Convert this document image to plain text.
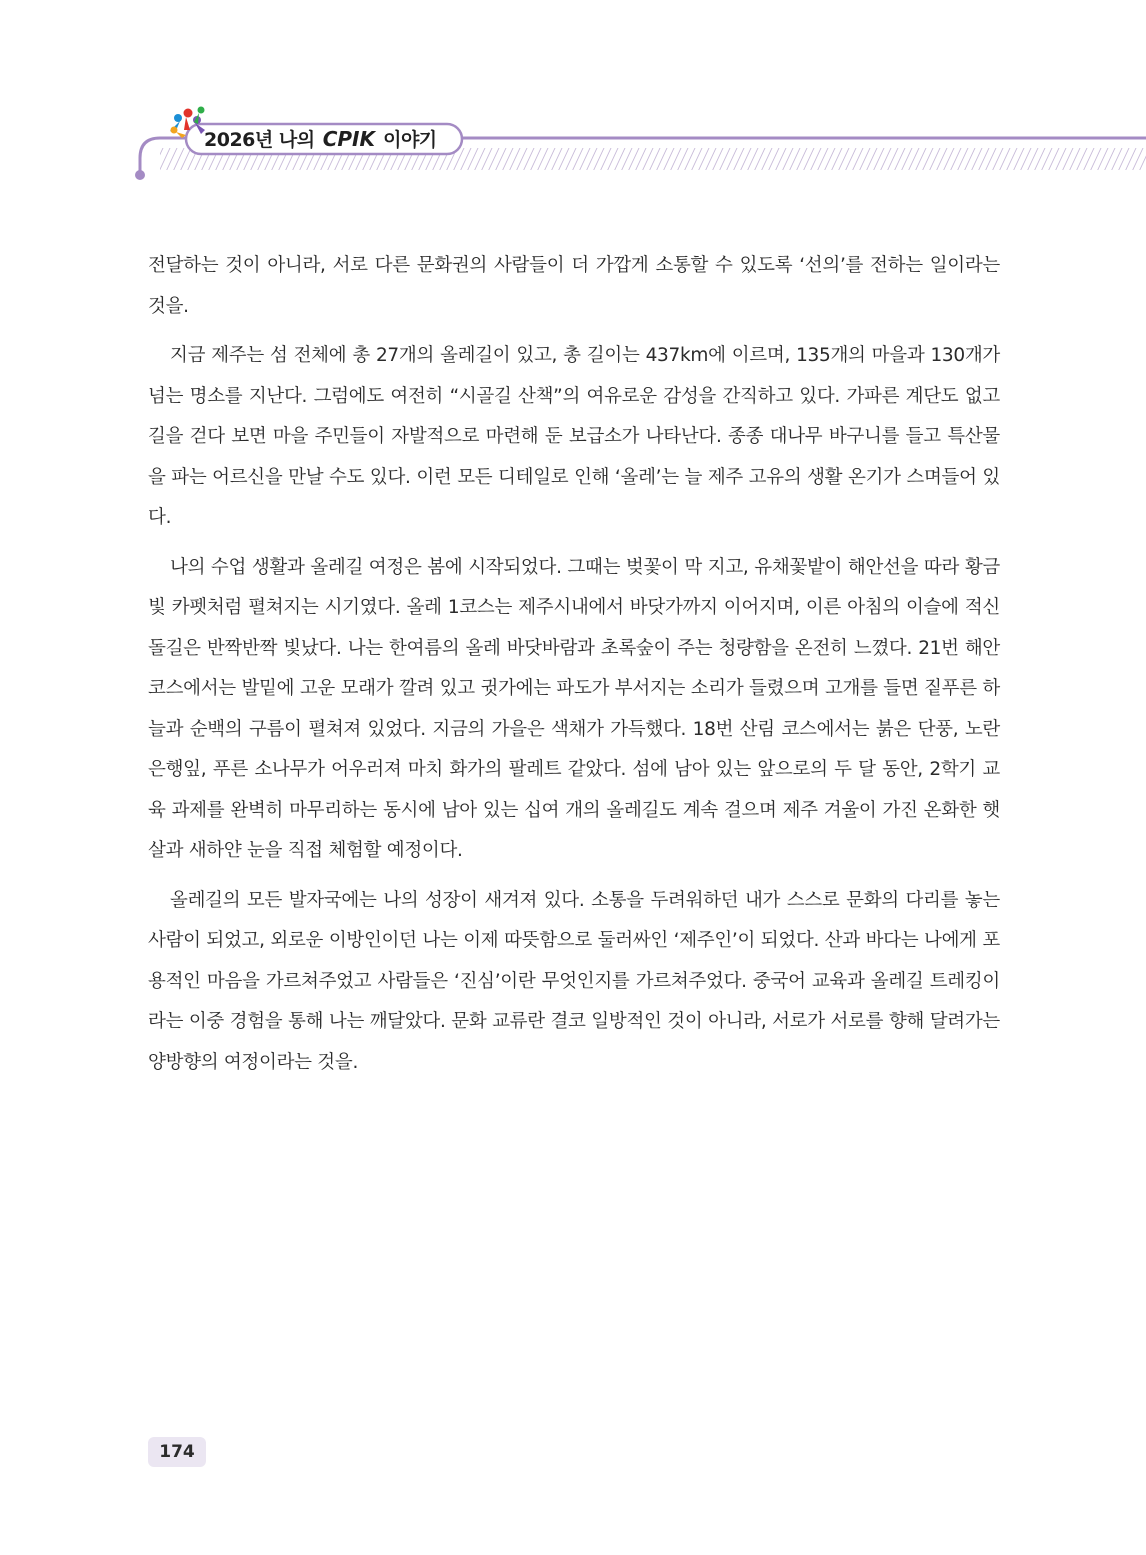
2026년 나의 CPIK 이야기

전달하는 것이 아니라, 서로 다른 문화권의 사람들이 더 가깝게 소통할 수 있도록 ‘선의’를 전하는 일이라는 것을.

지금 제주는 섬 전체에 총 27개의 올레길이 있고, 총 길이는 437km에 이르며, 135개의 마을과 130개가 넘는 명소를 지난다. 그럼에도 여전히 “시골길 산책”의 여유로운 감성을 간직하고 있다. 가파른 계단도 없고 길을 걷다 보면 마을 주민들이 자발적으로 마련해 둔 보급소가 나타난다. 종종 대나무 바구니를 들고 특산물을 파는 어르신을 만날 수도 있다. 이런 모든 디테일로 인해 ‘올레’는 늘 제주 고유의 생활 온기가 스며들어 있다.

나의 수업 생활과 올레길 여정은 봄에 시작되었다. 그때는 벚꽃이 막 지고, 유채꽃밭이 해안선을 따라 황금빛 카펫처럼 펼쳐지는 시기였다. 올레 1코스는 제주시내에서 바닷가까지 이어지며, 이른 아침의 이슬에 적신 돌길은 반짝반짝 빛났다. 나는 한여름의 올레 바닷바람과 초록숲이 주는 청량함을 온전히 느꼈다. 21번 해안 코스에서는 발밑에 고운 모래가 깔려 있고 귓가에는 파도가 부서지는 소리가 들렸으며 고개를 들면 짙푸른 하늘과 순백의 구름이 펼쳐져 있었다. 지금의 가을은 색채가 가득했다. 18번 산림 코스에서는 붉은 단풍, 노란 은행잎, 푸른 소나무가 어우러져 마치 화가의 팔레트 같았다. 섬에 남아 있는 앞으로의 두 달 동안, 2학기 교육 과제를 완벽히 마무리하는 동시에 남아 있는 십여 개의 올레길도 계속 걸으며 제주 겨울이 가진 온화한 햇살과 새하얀 눈을 직접 체험할 예정이다.

올레길의 모든 발자국에는 나의 성장이 새겨져 있다. 소통을 두려워하던 내가 스스로 문화의 다리를 놓는 사람이 되었고, 외로운 이방인이던 나는 이제 따뜻함으로 둘러싸인 ‘제주인’이 되었다. 산과 바다는 나에게 포용적인 마음을 가르쳐주었고 사람들은 ‘진심’이란 무엇인지를 가르쳐주었다. 중국어 교육과 올레길 트레킹이라는 이중 경험을 통해 나는 깨달았다. 문화 교류란 결코 일방적인 것이 아니라, 서로가 서로를 향해 달려가는 양방향의 여정이라는 것을.

174
